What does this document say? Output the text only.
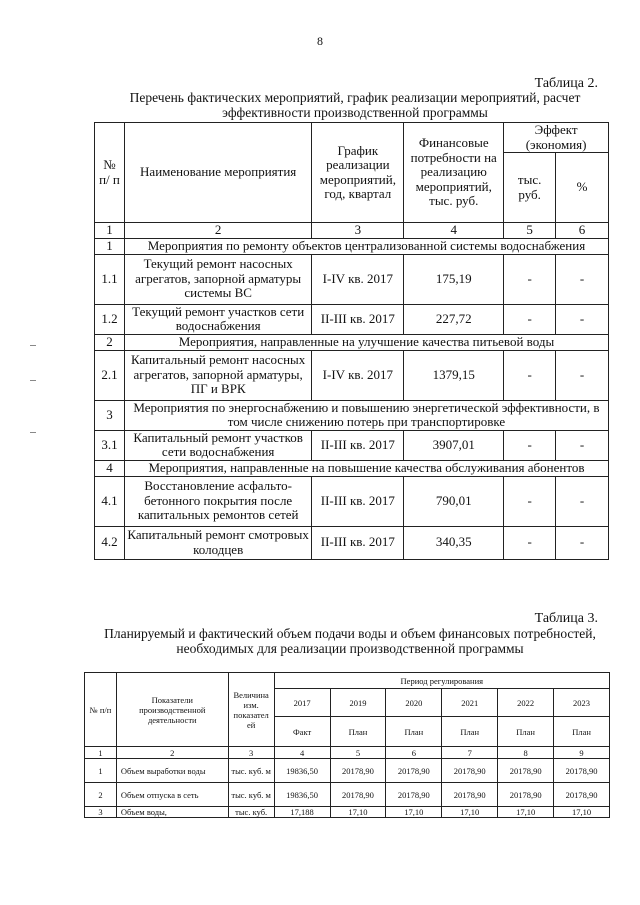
8
Таблица 2.
Перечень фактических мероприятий, график реализации мероприятий, расчет эффективности производственной программы
№ п/ п	Наименование мероприятия	График реализации мероприятий, год, квартал	Финансовые потребности на реализацию мероприятий, тыс. руб.	Эффект (экономия)	
				тыс. руб.	%
1	2	3	4	5	6
1	Мероприятия по ремонту объектов централизованной системы водоснабжения				
1.1	Текущий ремонт насосных агрегатов, запорной арматуры системы ВС	I-IV кв. 2017	175,19	-	-
1.2	Текущий ремонт участков сети водоснабжения	II-III кв. 2017	227,72	-	-
2	Мероприятия, направленные на улучшение качества питьевой воды				
2.1	Капитальный ремонт насосных агрегатов, запорной арматуры, ПГ и ВРК	I-IV кв. 2017	1379,15	-	-
3	Мероприятия по энергоснабжению и повышению энергетической эффективности, в том числе снижению потерь при транспортировке				
3.1	Капитальный ремонт участков сети водоснабжения	II-III кв. 2017	3907,01	-	-
4	Мероприятия, направленные на повышение качества обслуживания абонентов				
4.1	Восстановление асфальто-бетонного покрытия после капитальных ремонтов сетей	II-III кв. 2017	790,01	-	-
4.2	Капитальный ремонт смотровых колодцев	II-III кв. 2017	340,35	-	-
Таблица 3.
Планируемый и фактический объем подачи воды и объем финансовых потребностей, необходимых для реализации производственной программы
№ п/п	Показатели производственной деятельности	Величина изм. показател ей	Период регулирования					
			2017	2019	2020	2021	2022	2023
			Факт	План	План	План	План	План
1	2	3	4	5	6	7	8	9
1	Объем выработки воды	тыс. куб. м	19836,50	20178,90	20178,90	20178,90	20178,90	20178,90
2	Объем отпуска в сеть	тыс. куб. м	19836,50	20178,90	20178,90	20178,90	20178,90	20178,90
3	Объем воды,	тыс. куб.	17,188	17,10	17,10	17,10	17,10	17,10
